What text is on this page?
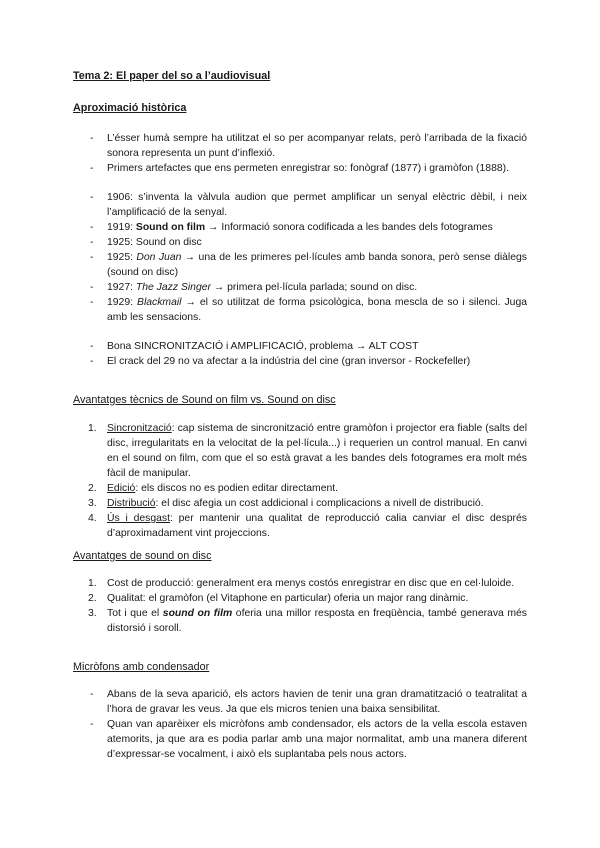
Tema 2: El paper del so a l’audiovisual
Aproximació històrica
- L’ésser humà sempre ha utilitzat el so per acompanyar relats, però l’arribada de la fixació sonora representa un punt d’inflexió.
- Primers artefactes que ens permeten enregistrar so: fonògraf (1877) i gramòfon (1888).
- 1906: s’inventa la vàlvula audion que permet amplificar un senyal elèctric dèbil, i neix l’amplificació de la senyal.
- 1919: Sound on film → Informació sonora codificada a les bandes dels fotogrames
- 1925: Sound on disc
- 1925: Don Juan → una de les primeres pel·lícules amb banda sonora, però sense diàlegs (sound on disc)
- 1927: The Jazz Singer → primera pel·lícula parlada; sound on disc.
- 1929: Blackmail → el so utilitzat de forma psicològica, bona mescla de so i silenci. Juga amb les sensacions.
- Bona SINCRONITZACIÓ i AMPLIFICACIÓ, problema → ALT COST
- El crack del 29 no va afectar a la indústria del cine (gran inversor - Rockefeller)
Avantatges tècnics de Sound on film vs. Sound on disc
1. Sincronització: cap sistema de sincronització entre gramòfon i projector era fiable (salts del disc, irregularitats en la velocitat de la pel·lícula...) i requerien un control manual. En canvi en el sound on film, com que el so està gravat a les bandes dels fotogrames era molt més fàcil de manipular.
2. Edició: els discos no es podien editar directament.
3. Distribució: el disc afegia un cost addicional i complicacions a nivell de distribució.
4. Ús i desgast: per mantenir una qualitat de reproducció calia canviar el disc després d’aproximadament vint projeccions.
Avantatges de sound on disc
1. Cost de producció: generalment era menys costós enregistrar en disc que en cel·luloide.
2. Qualitat: el gramòfon (el Vitaphone en particular) oferia un major rang dinàmic.
3. Tot i que el sound on film oferia una millor resposta en freqüència, també generava més distorsió i soroll.
Micròfons amb condensador
- Abans de la seva aparició, els actors havien de tenir una gran dramatització o teatralitat a l’hora de gravar les veus. Ja que els micros tenien una baixa sensibilitat.
- Quan van aparèixer els micròfons amb condensador, els actors de la vella escola estaven atemorits, ja que ara es podia parlar amb una major normalitat, amb una manera diferent d’expressar-se vocalment, i això els suplantaba pels nous actors.
